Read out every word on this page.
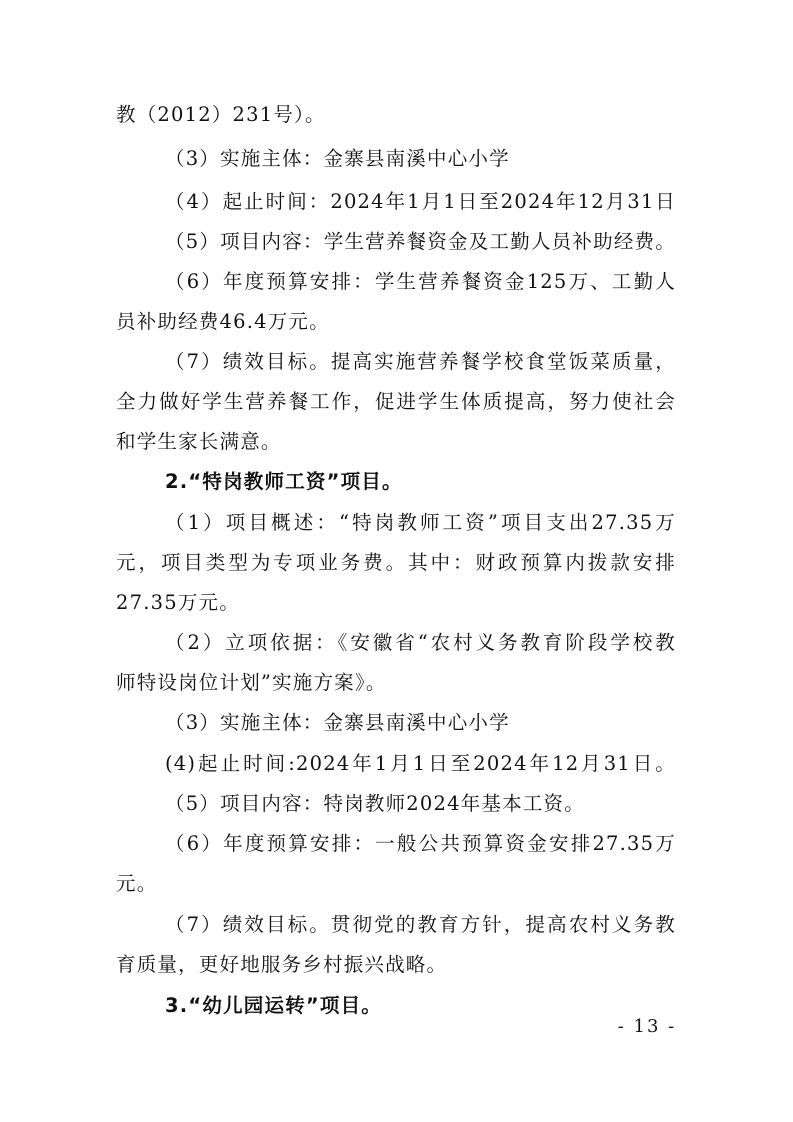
教（2012）231号）。
（3）实施主体：金寨县南溪中心小学
（4）起止时间：2024年1月1日至2024年12月31日
（5）项目内容：学生营养餐资金及工勤人员补助经费。
（6）年度预算安排：学生营养餐资金125万、工勤人
员补助经费46.4万元。
（7）绩效目标。提高实施营养餐学校食堂饭菜质量，
全力做好学生营养餐工作，促进学生体质提高，努力使社会
和学生家长满意。
2.“特岗教师工资”项目。
（1）项目概述：“特岗教师工资”项目支出27.35万
元，项目类型为专项业务费。其中：财政预算内拨款安排
27.35万元。
（2）立项依据：《安徽省“农村义务教育阶段学校教
师特设岗位计划”实施方案》。
（3）实施主体：金寨县南溪中心小学
(4)起止时间:2024年1月1日至2024年12月31日。
（5）项目内容：特岗教师2024年基本工资。
（6）年度预算安排：一般公共预算资金安排27.35万
元。
（7）绩效目标。贯彻党的教育方针，提高农村义务教
育质量，更好地服务乡村振兴战略。
3.“幼儿园运转”项目。
- 13 -
